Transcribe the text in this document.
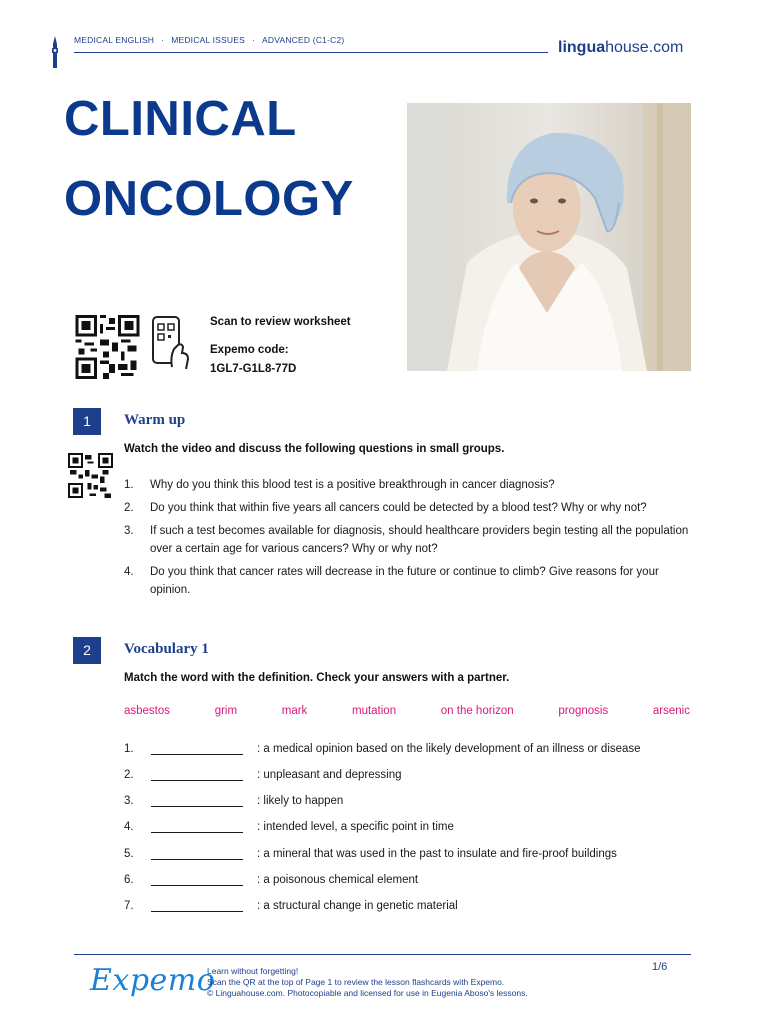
MEDICAL ENGLISH · MEDICAL ISSUES · ADVANCED (C1-C2)	linguahouse.com
CLINICAL
ONCOLOGY
Scan to review worksheet
Expemo code:
1GL7-G1L8-77D
1	Warm up
Watch the video and discuss the following questions in small groups.
1.	Why do you think this blood test is a positive breakthrough in cancer diagnosis?
2.	Do you think that within five years all cancers could be detected by a blood test? Why or why not?
3.	If such a test becomes available for diagnosis, should healthcare providers begin testing all the population over a certain age for various cancers? Why or why not?
4.	Do you think that cancer rates will decrease in the future or continue to climb? Give reasons for your opinion.
2	Vocabulary 1
Match the word with the definition. Check your answers with a partner.
asbestos	grim	mark	mutation	on the horizon	prognosis	arsenic
1.	: a medical opinion based on the likely development of an illness or disease
2.	: unpleasant and depressing
3.	: likely to happen
4.	: intended level, a specific point in time
5.	: a mineral that was used in the past to insulate and fire-proof buildings
6.	: a poisonous chemical element
7.	: a structural change in genetic material
Expemo
Learn without forgetting!
Scan the QR at the top of Page 1 to review the lesson flashcards with Expemo.
© Linguahouse.com. Photocopiable and licensed for use in Eugenia Aboso's lessons.
1/6
